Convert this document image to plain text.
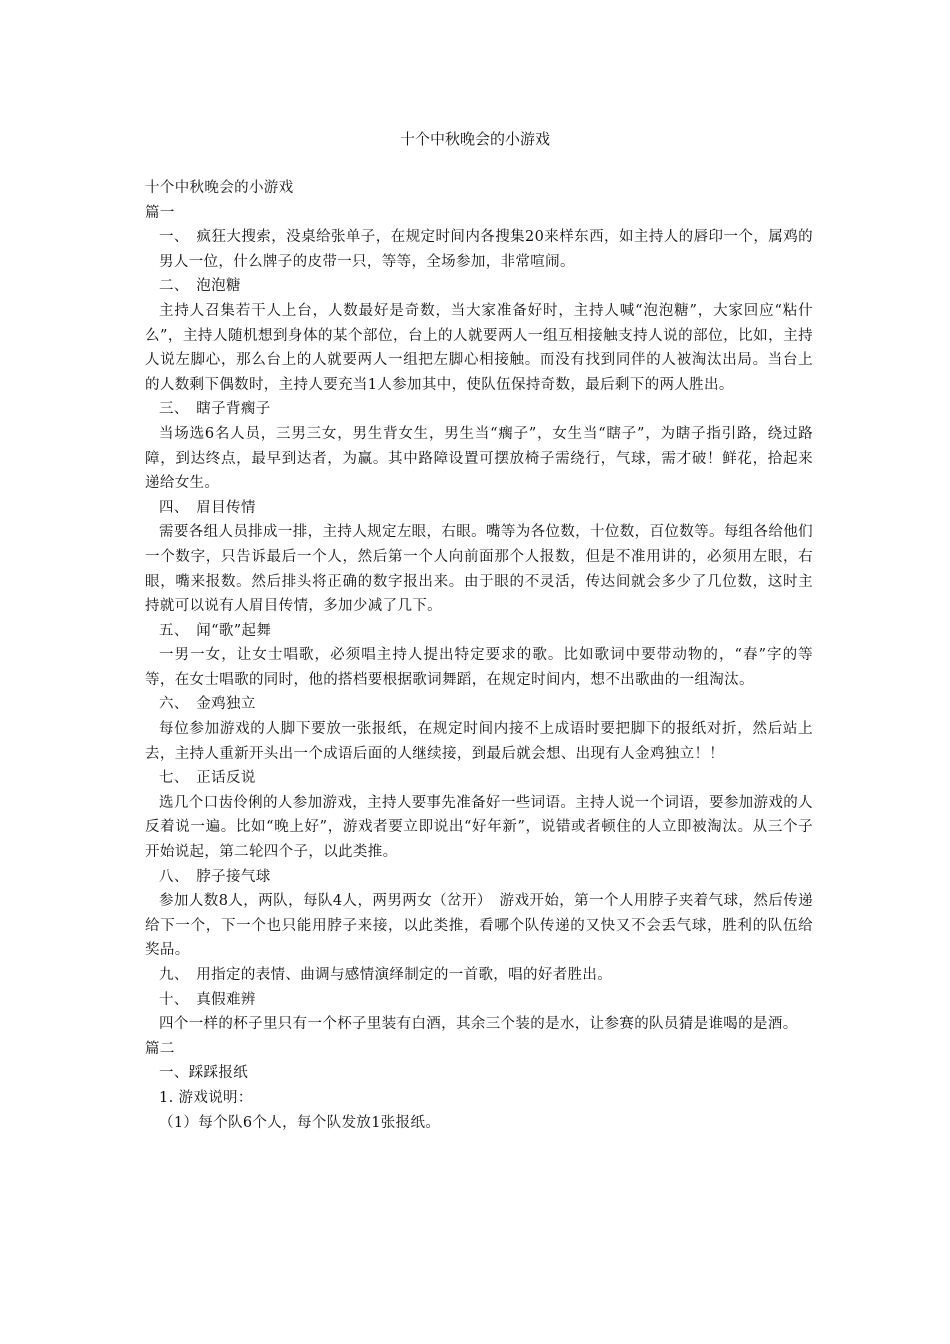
十个中秋晚会的小游戏

十个中秋晚会的小游戏

篇一

一、　疯狂大搜索，没桌给张单子，在规定时间内各搜集20来样东西，如主持人的唇印一个，属鸡的男人一位，什么牌子的皮带一只，等等，全场参加，非常喧闹。

二、　泡泡糖

主持人召集若干人上台，人数最好是奇数，当大家准备好时，主持人喊“泡泡糖”，大家回应“粘什么”，主持人随机想到身体的某个部位，台上的人就要两人一组互相接触支持人说的部位，比如，主持人说左脚心，那么台上的人就要两人一组把左脚心相接触。而没有找到同伴的人被淘汰出局。当台上的人数剩下偶数时，主持人要充当1人参加其中，使队伍保持奇数，最后剩下的两人胜出。

三、　瞎子背瘸子

当场选6名人员，三男三女，男生背女生，男生当“瘸子”，女生当“瞎子”，为瞎子指引路，绕过路障，到达终点，最早到达者，为赢。其中路障设置可摆放椅子需绕行，气球，需才破！鲜花，拾起来递给女生。

四、　眉目传情

需要各组人员排成一排，主持人规定左眼，右眼。嘴等为各位数，十位数，百位数等。每组各给他们一个数字，只告诉最后一个人，然后第一个人向前面那个人报数，但是不准用讲的，必须用左眼，右眼，嘴来报数。然后排头将正确的数字报出来。由于眼的不灵活，传达间就会多少了几位数，这时主持就可以说有人眉目传情，多加少减了几下。

五、　闻“歌”起舞

一男一女，让女士唱歌，必须唱主持人提出特定要求的歌。比如歌词中要带动物的，“春”字的等等，在女士唱歌的同时，他的搭档要根据歌词舞蹈，在规定时间内，想不出歌曲的一组淘汰。

六、　金鸡独立

每位参加游戏的人脚下要放一张报纸，在规定时间内接不上成语时要把脚下的报纸对折，然后站上去，主持人重新开头出一个成语后面的人继续接，到最后就会想、出现有人金鸡独立！！

七、　正话反说

选几个口齿伶俐的人参加游戏，主持人要事先准备好一些词语。主持人说一个词语，要参加游戏的人反着说一遍。比如“晚上好”，游戏者要立即说出“好年新”，说错或者顿住的人立即被淘汰。从三个子开始说起，第二轮四个子，以此类推。

八、　脖子接气球

参加人数8人，两队，每队4人，两男两女（岔开）　游戏开始，第一个人用脖子夹着气球，然后传递给下一个，下一个也只能用脖子来接，以此类推，看哪个队传递的又快又不会丢气球，胜利的队伍给奖品。

九、　用指定的表情、曲调与感情演绎制定的一首歌，唱的好者胜出。

十、　真假难辨

四个一样的杯子里只有一个杯子里装有白酒，其余三个装的是水，让参赛的队员猜是谁喝的是酒。

篇二

一、踩踩报纸

1. 游戏说明：

（1）每个队6个人，每个队发放1张报纸。
